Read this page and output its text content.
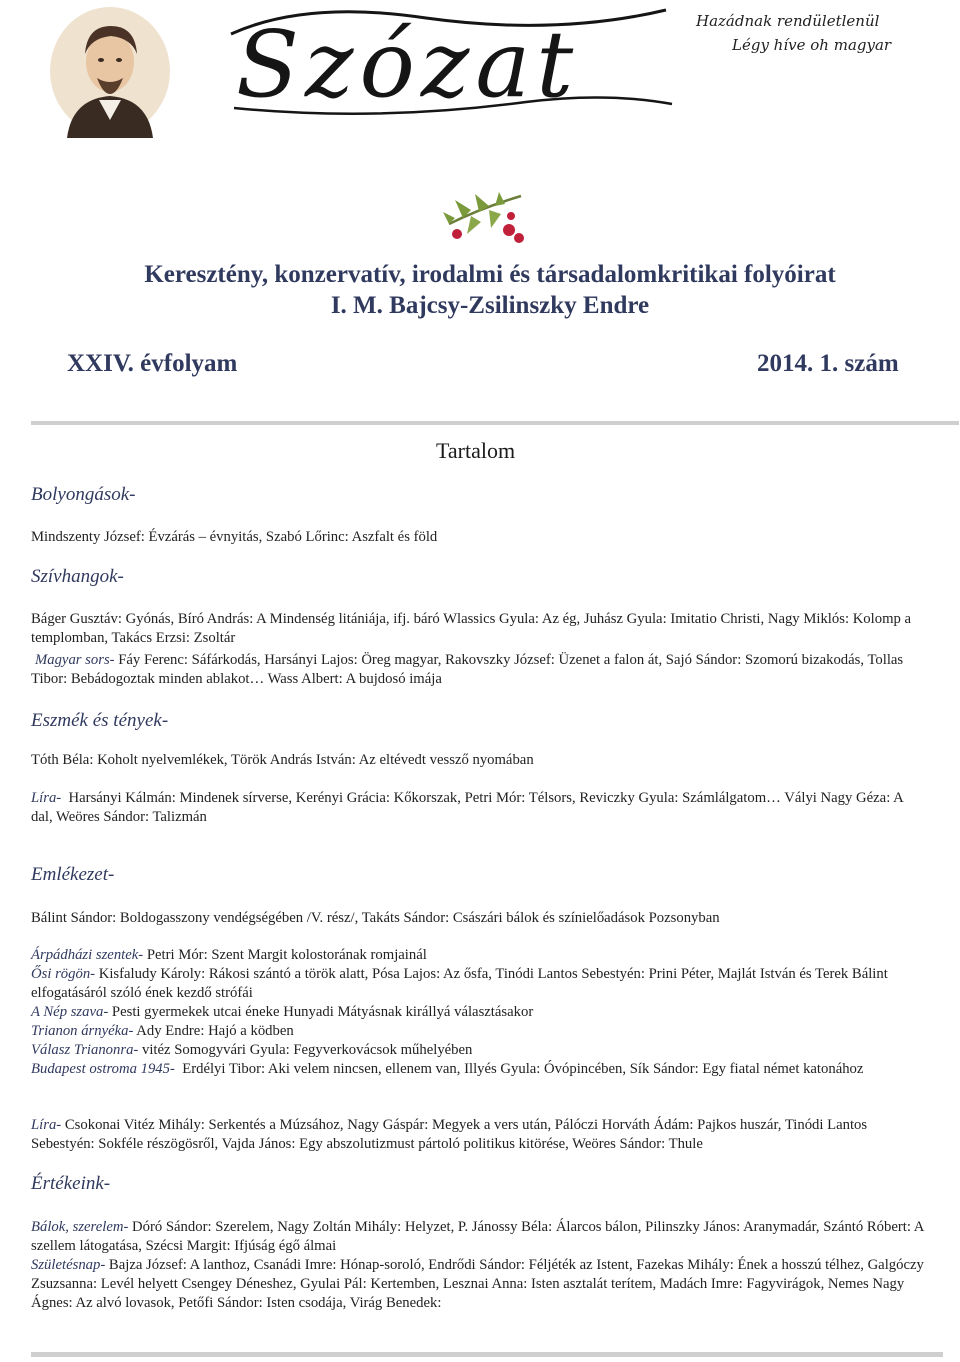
Szózat	Hazádnak rendületlenül
Légy híve oh magyar
Keresztény, konzervatív, irodalmi és társadalomkritikai folyóirat
I. M. Bajcsy-Zsilinszky Endre
XXIV. évfolyam	2014. 1. szám
Tartalom
Bolyongások-
Mindszenty József: Évzárás – évnyitás, Szabó Lőrinc: Aszfalt és föld
Szívhangok-
Báger Gusztáv: Gyónás, Bíró András: A Mindenség litániája, ifj. báró Wlassics Gyula: Az ég, Juhász Gyula: Imitatio Christi, Nagy Miklós: Kolomp a templomban, Takács Erzsi: Zsoltár
Magyar sors- Fáy Ferenc: Sáfárkodás, Harsányi Lajos: Öreg magyar, Rakovszky József: Üzenet a falon át, Sajó Sándor: Szomorú bizakodás, Tollas Tibor: Bebádogoztak minden ablakot… Wass Albert: A bujdosó imája
Eszmék és tények-
Tóth Béla: Koholt nyelvemlékek, Török András István: Az eltévedt vessző nyomában
Líra- Harsányi Kálmán: Mindenek sírverse, Kerényi Grácia: Kőkorszak, Petri Mór: Télsors, Reviczky Gyula: Számlálgatom… Vályi Nagy Géza: A dal, Weöres Sándor: Talizmán
Emlékezet-
Bálint Sándor: Boldogasszony vendégségében /V. rész/, Takáts Sándor: Császári bálok és színielőadások Pozsonyban
Árpádházi szentek- Petri Mór: Szent Margit kolostorának romjainál
Ősi rögön- Kisfaludy Károly: Rákosi szántó a török alatt, Pósa Lajos: Az ősfa, Tinódi Lantos Sebestyén: Prini Péter, Majlát István és Terek Bálint elfogatásáról szóló ének kezdő strófái
A Nép szava- Pesti gyermekek utcai éneke Hunyadi Mátyásnak királlyá választásakor
Trianon árnyéka- Ady Endre: Hajó a ködben
Válasz Trianonra- vitéz Somogyvári Gyula: Fegyverkovácsok műhelyében
Budapest ostroma 1945- Erdélyi Tibor: Aki velem nincsen, ellenem van, Illyés Gyula: Óvópincében, Sík Sándor: Egy fiatal német katonához
Líra- Csokonai Vitéz Mihály: Serkentés a Múzsához, Nagy Gáspár: Megyek a vers után, Pálóczi Horváth Ádám: Pajkos huszár, Tinódi Lantos Sebestyén: Sokféle részögösről, Vajda János: Egy abszolutizmust pártoló politikus kitörése, Weöres Sándor: Thule
Értékeink-
Bálok, szerelem- Dóró Sándor: Szerelem, Nagy Zoltán Mihály: Helyzet, P. Jánossy Béla: Álarcos bálon, Pilinszky János: Aranymadár, Szántó Róbert: A szellem látogatása, Szécsi Margit: Ifjúság égő álmai
Születésnap- Bajza József: A lanthoz, Csanádi Imre: Hónap-soroló, Endrődi Sándor: Féljéték az Istent, Fazekas Mihály: Ének a hosszú télhez, Galgóczy Zsuzsanna: Levél helyett Csengey Déneshez, Gyulai Pál: Kertemben, Lesznai Anna: Isten asztalát terítem, Madách Imre: Fagyvirágok, Nemes Nagy Ágnes: Az alvó lovasok, Petőfi Sándor: Isten csodája, Virág Benedek:
